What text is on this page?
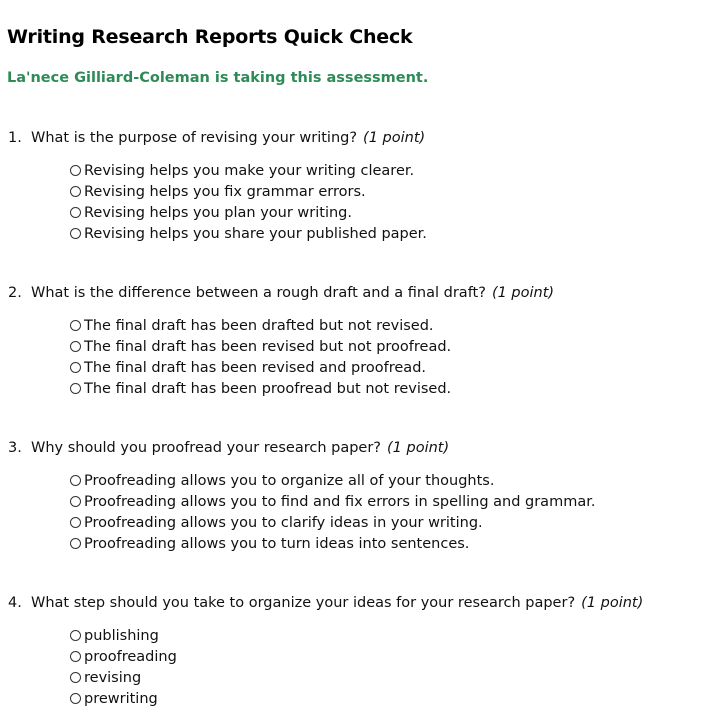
Writing Research Reports Quick Check
La'nece Gilliard-Coleman is taking this assessment.
1. What is the purpose of revising your writing? (1 point)
Revising helps you make your writing clearer.
Revising helps you fix grammar errors.
Revising helps you plan your writing.
Revising helps you share your published paper.
2. What is the difference between a rough draft and a final draft? (1 point)
The final draft has been drafted but not revised.
The final draft has been revised but not proofread.
The final draft has been revised and proofread.
The final draft has been proofread but not revised.
3. Why should you proofread your research paper? (1 point)
Proofreading allows you to organize all of your thoughts.
Proofreading allows you to find and fix errors in spelling and grammar.
Proofreading allows you to clarify ideas in your writing.
Proofreading allows you to turn ideas into sentences.
4. What step should you take to organize your ideas for your research paper? (1 point)
publishing
proofreading
revising
prewriting
